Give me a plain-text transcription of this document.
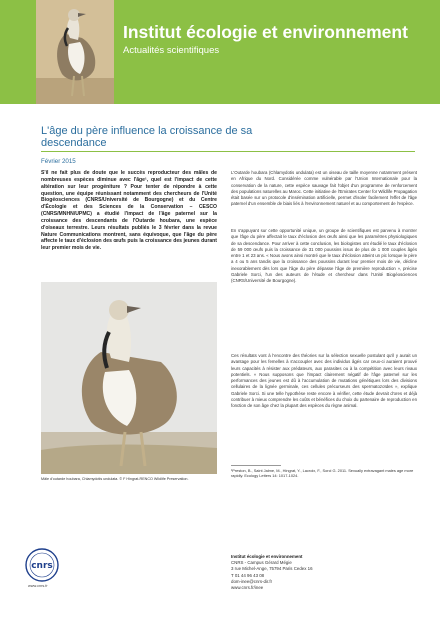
Institut écologie et environnement
Actualités scientifiques
L'âge du père influence la croissance de sa descendance
Février 2015

S'il ne fait plus de doute que le succès reproducteur des mâles de nombreuses espèces diminue avec l'âge¹, quel est l'impact de cette altération sur leur progéniture ? Pour tenter de répondre à cette question, une équipe réunissant notamment des chercheurs de l'Unité Biogéosciences (CNRS/Université de Bourgogne) et du Centre d'Écologie et des Sciences de la Conservation – CESCO (CNRS/MNHN/UPMC) a étudié l'impact de l'âge paternel sur la croissance des descendants de l'Outarde houbara, une espèce d'oiseaux terrestre. Leurs résultats publiés le 3 février dans la revue Nature Communications montrent, sans équivoque, que l'âge du père affecte le taux d'éclosion des œufs puis la croissance des jeunes durant leur premier mois de vie.

Mâle d'outarde houbara, Chlamydotis undulata. © F Hingrat-RENCO Wildlife Preservation.

L'Outarde houbara (Chlamydotis undulata) est un oiseau de taille moyenne notamment présent en Afrique du Nord. Considérée comme vulnérable par l'Union Internationale pour la conservation de la nature, cette espèce sauvage fait l'objet d'un programme de renforcement des populations naturelles au Maroc. Cette initiative de l'Emirates Center for Wildlife Propagation était basée sur un protocole d'insémination artificielle, permet d'isoler facilement l'effet de l'âge paternel d'un ensemble de biais liés à l'environnement naturel et au comportement de l'espèce.

En s'appuyant sur cette opportunité unique, un groupe de scientifiques est parvenu à montrer que l'âge du père affectait le taux d'éclosion des œufs ainsi que les paramètres physiologiques de sa descendance. Pour arriver à cette conclusion, les biologistes ont étudié le taux d'éclosion de 59 000 œufs puis la croissance de 31 000 poussins issus de plus de 1 000 couples âgés entre 1 et 23 ans. « Nous avons ainsi montré que le taux d'éclosion atteint un pic lorsque le père a 4 ou 5 ans tandis que la croissance des poussins durant leur premier mois de vie, décline inexorablement dès lors que l'âge du père dépasse l'âge de première reproduction », précise Gabriele Sorci, l'un des auteurs de l'étude et chercheur dans l'Unité Biogéosciences (CNRS/Université de Bourgogne).

Ces résultats vont à l'encontre des théories sur la sélection sexuelle postulant qu'il y aurait un avantage pour les femelles à s'accoupler avec des individus âgés car ceux-ci auraient prouvé leurs capacités à résister aux prédateurs, aux parasites ou à la compétition avec leurs rivaux potentiels. « Nous supposons que l'impact clairement négatif de l'âge paternel sur les performances des jeunes est dû à l'accumulation de mutations génétiques lors des divisions cellulaires de la lignée germinale, ces cellules précurseurs des spermatozoïdes », explique Gabriele Sorci. Si une telle hypothèse reste encore à vérifier, cette étude devrait d'ores et déjà contribuer à mieux comprendre les coûts et bénéfices du choix du partenaire de reproduction en fonction de son âge chez la plupart des espèces du règne animal.

¹Preston, B., Saint Jalme, M., Hingrat, Y., Lacroix, F., Sorci G. 2011. Sexually extravagant males age more rapidly. Ecology Letters 14: 1017-1024.

cnrs
www.cnrs.fr
Institut écologie et environnement
CNRS - Campus Gérard Mégie
3 rue Michel-Ange, 75794 Paris Cedex 16
T 01 44 96 43 08
dom-inee@cnrs-dir.fr
www.cnrs.fr/inee
